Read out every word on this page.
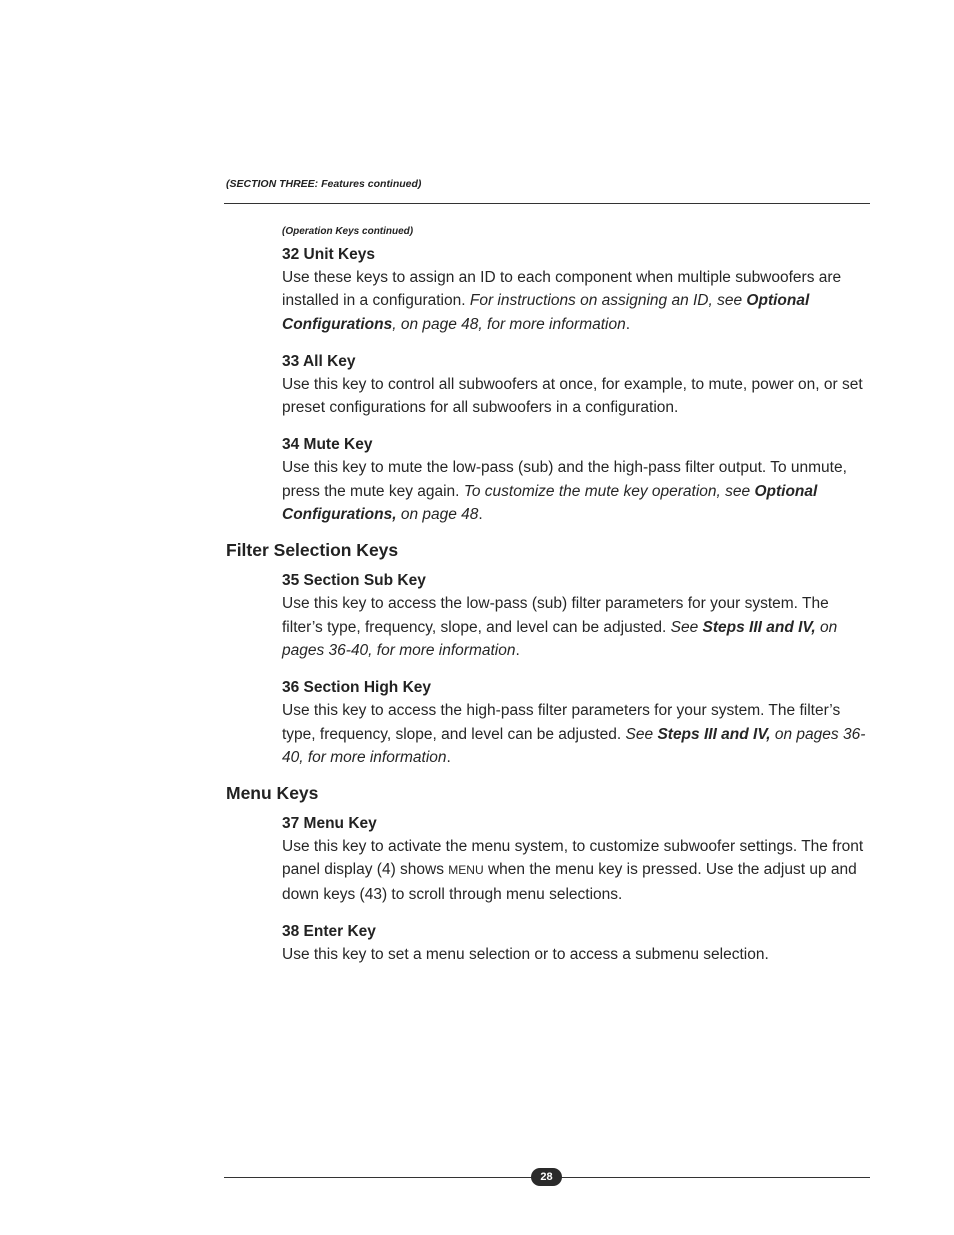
(SECTION THREE: Features continued)

(Operation Keys continued)

32 Unit Keys

Use these keys to assign an ID to each component when multiple subwoofers are installed in a configuration. For instructions on assigning an ID, see Optional Configurations, on page 48, for more information.

33 All Key

Use this key to control all subwoofers at once, for example, to mute, power on, or set preset configurations for all subwoofers in a configuration.

34 Mute Key

Use this key to mute the low-pass (sub) and the high-pass filter output. To unmute, press the mute key again. To customize the mute key operation, see Optional Configurations, on page 48.

Filter Selection Keys

35 Section Sub Key

Use this key to access the low-pass (sub) filter parameters for your system. The filter’s type, frequency, slope, and level can be adjusted. See Steps III and IV, on pages 36-40, for more information.

36 Section High Key

Use this key to access the high-pass filter parameters for your system. The filter’s type, frequency, slope, and level can be adjusted. See Steps III and IV, on pages 36-40, for more information.

Menu Keys

37 Menu Key

Use this key to activate the menu system, to customize subwoofer settings. The front panel display (4) shows MENU when the menu key is pressed. Use the adjust up and down keys (43) to scroll through menu selections.

38 Enter Key

Use this key to set a menu selection or to access a submenu selection.

28
